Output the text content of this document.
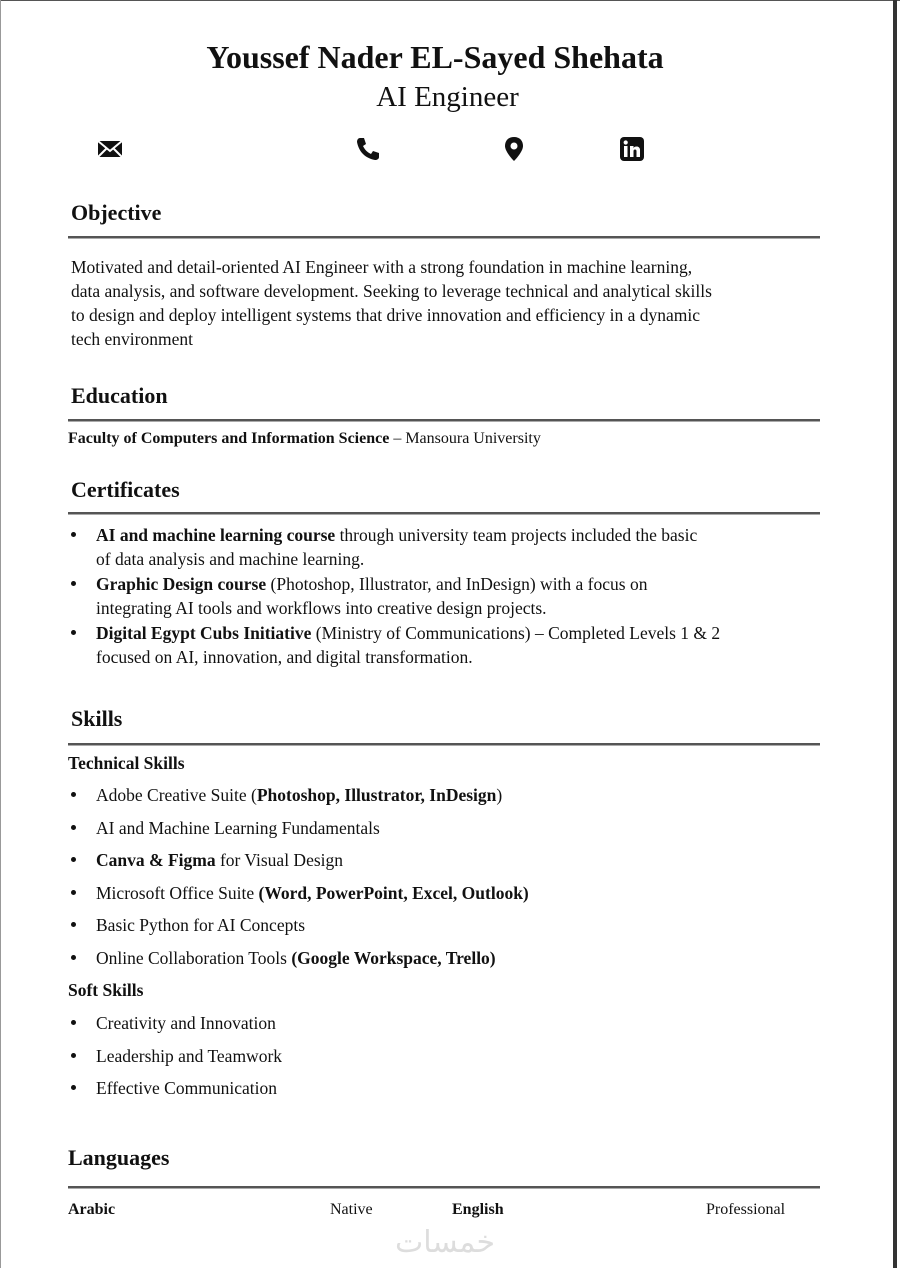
Youssef Nader EL-Sayed Shehata
AI Engineer
Objective

Motivated and detail-oriented AI Engineer with a strong foundation in machine learning,
data analysis, and software development. Seeking to leverage technical and analytical skills
to design and deploy intelligent systems that drive innovation and efficiency in a dynamic
tech environment

Education
Faculty of Computers and Information Science – Mansoura University
Certificates
AI and machine learning course through university team projects included the basic
of data analysis and machine learning.
Graphic Design course (Photoshop, Illustrator, and InDesign) with a focus on
integrating AI tools and workflows into creative design projects.
Digital Egypt Cubs Initiative (Ministry of Communications) – Completed Levels 1 & 2
focused on AI, innovation, and digital transformation.
Skills
Technical Skills
Adobe Creative Suite (Photoshop, Illustrator, InDesign)
AI and Machine Learning Fundamentals
Canva & Figma for Visual Design
Microsoft Office Suite (Word, PowerPoint, Excel, Outlook)
Basic Python for AI Concepts
Online Collaboration Tools (Google Workspace, Trello)
Soft Skills
Creativity and Innovation
Leadership and Teamwork
Effective Communication
Languages
Arabic	Native	English	Professional
خمسات
